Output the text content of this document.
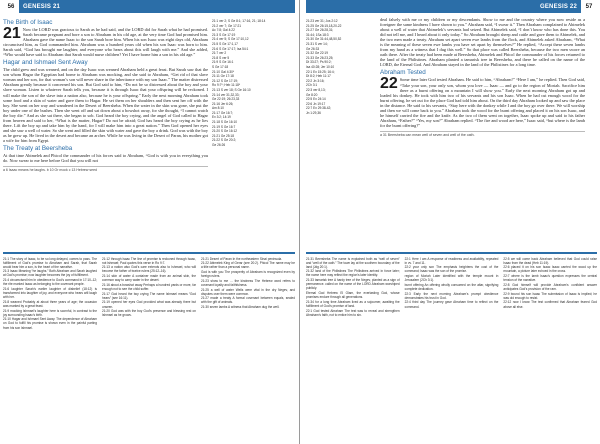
56	GENESIS 21
The Birth of Isaac

21 Now the LORD was gracious to Sarah as he had said, and the LORD did for Sarah what he had promised. Sarah became pregnant and bore a son to Abraham in his old age, at the very time God had promised him. Abraham gave the name Isaac to the son Sarah bore him. When his son Isaac was eight days old, Abraham circumcised him, as God commanded him. Abraham was a hundred years old when his son Isaac was born to him. Sarah said, “God has brought me laughter, and everyone who hears about this will laugh with me.” And she added, “Who would have said to Abraham that Sarah would nurse children? Yet I have borne him a son in his old age.”

Hagar and Ishmael Sent Away

The child grew and was weaned, and on the day Isaac was weaned Abraham held a great feast. But Sarah saw that the son whom Hagar the Egyptian had borne to Abraham was mocking, and she said to Abraham, “Get rid of that slave woman and her son, for that woman’s son will never share in the inheritance with my son Isaac.” The matter distressed Abraham greatly because it concerned his son. But God said to him, “Do not be so distressed about the boy and your slave woman. Listen to whatever Sarah tells you, because it is through Isaac that your offspring will be reckoned. I will make the son of the slave into a nation also, because he is your offspring.” Early the next morning Abraham took some food and a skin of water and gave them to Hagar. He set them on her shoulders and then sent her off with the boy. She went on her way and wandered in the Desert of Beersheba. When the water in the skin was gone, she put the boy under one of the bushes. Then she went off and sat down about a bowshot away, for she thought, “I cannot watch the boy die.” And as she sat there, she began to sob. God heard the boy crying, and the angel of God called to Hagar from heaven and said to her, “What is the matter, Hagar? Do not be afraid; God has heard the boy crying as he lies there. Lift the boy up and take him by the hand, for I will make him into a great nation.” Then God opened her eyes and she saw a well of water. So she went and filled the skin with water and gave the boy a drink. God was with the boy as he grew up. He lived in the desert and became an archer. While he was living in the Desert of Paran, his mother got a wife for him from Egypt.

The Treaty at Beersheba

At that time Abimelek and Phicol the commander of his forces said to Abraham, “God is with you in everything you do. Now swear to me here before God that you will not

a 6 Isaac means he laughs. b 10 Or mock c 13 Hebrew seed
21:1 ver 2; S Ge 8:1; 17:16, 21; 18:14
21:2 ver 7; Ge 17:21
Ac 7:8; Gal 4:22
21:3 S Ge 17:19
21:4 ver 5; S Ge 17:10,12
21:5 S Ge 17:1,17
21:6 S Ge 17:17; Isa 54:1
21:7 ver 2
21:8 S ver 5
21:9 S Ge 16:1
S Ge 17:18
21:10 Gal 4:30*
21:11 Ge 17:18
21:12 S Ge 17:19;
Ro 9:7*; Heb 11:18*
21:13 S ver 18; S Ge 16:10
21:14 ver 31,32,33;
Ge 22:19; 26:23,33
21:16 Jer 6:26;
Am 8:10
21:17 Ge 16:7;
Ex 3:2; 14:19
21:18 S Ge 16:10
21:19 S Ge 16:7
21:20 S Ge 16:12
21:21 Ge 25:18
21:22 S Ge 20:2;
Ge 26:26

21:1 The story of Isaac, to be so long delayed, comes to pass. The fulfillment of God’s promise to Abraham and Sarah, that Sarah would bear him a son, is the heart of the narrative.

21:3 Isaac Meaning “he laughs.” Both Abraham and Sarah laughed at God’s promise; now laughter becomes the joy of fulfillment.

21:4 circumcised him In obedience to God’s command in 17:10–12; the rite marked Isaac as belonging to the covenant people.

21:6 laughter Sarah’s earlier laughter of disbelief (18:12) is transformed into laughter of joy, and everyone who hears will laugh with her.

21:8 weaned Probably at about three years of age; the occasion was marked by a great feast.

21:9 mocking Ishmael’s laughter here is scornful, in contrast to the joy surrounding Isaac’s birth.

21:10 Hagar and Ishmael Sent Away. The dependence of Abraham on God to fulfill his promise is shown even in the painful parting from his son Ishmael.

21:12 through Isaac The line of promise is reckoned through Isaac, not Ishmael; Paul quotes this verse in Ro 9:7.

21:13 a nation also God’s care extends also to Ishmael, who will become the father of twelve rulers (25:12–16).

21:14 skin of water A container made from an animal skin, the common way to carry water in the desert.

21:16 about a bowshot away Perhaps a hundred yards or more, far enough not to see the child suffer.

21:17 God heard the boy crying The name Ishmael means “God hears” (see 16:11).

21:19 opened her eyes God provided what was already there but unseen.

21:20 God was with the boy God’s presence and blessing rest on Ishmael as he grows.

21:21 Desert of Paran In the northeastern Sinai peninsula.

21:22 Abimelek King of Gerar (see 20:2). Phicol The name may be a title rather than a personal name.

God is with you The prosperity of Abraham is recognized even by foreign rulers.

21:23 show to me … the kindness The Hebrew word refers to covenant loyalty and faithfulness.

21:25 a well of water Wells were vital in the dry Negev, and disputes over them were common.

21:27 made a treaty A formal covenant between equals, sealed with the gift of animals.

21:30 seven lambs A witness that Abraham dug the well.

GENESIS 22	57
21:23 ver 31; Jos 2:12
21:25 Ge 26:15,18,20-22
21:27 Ge 26:28,31;
31:44; 1Sa 18:3
21:30 Ge 31:44,48,50,52
21:31 S ver 14;
Ge 26:33
21:32 Ge 22:19
21:33 Ge 26:23,25;
Dt 33:27; Ps 90:2;
Isa 40:28; Jer 10:10
22:1 Ex 15:25; 16:4;
Dt 8:2; Heb 11:17
22:2 Jn 3:16;
2Ch 3:1
22:3 ver 8,13;
Ge 8:20
22:5 Ex 24:14
22:6 Jn 19:17
22:7 Ex 29:38-42;
Jn 1:29,36

deal falsely with me or my children or my descendants. Show to me and the country where you now reside as a foreigner the same kindness I have shown to you.” Abraham said, “I swear it.” Then Abraham complained to Abimelek about a well of water that Abimelek’s servants had seized. But Abimelek said, “I don’t know who has done this. You did not tell me, and I heard about it only today.” So Abraham brought sheep and cattle and gave them to Abimelek, and the two men made a treaty. Abraham set apart seven ewe lambs from the flock, and Abimelek asked Abraham, “What is the meaning of these seven ewe lambs you have set apart by themselves?” He replied, “Accept these seven lambs from my hand as a witness that I dug this well.” So that place was called Beersheba, because the two men swore an oath there. After the treaty had been made at Beersheba, Abimelek and Phicol the commander of his forces returned to the land of the Philistines. Abraham planted a tamarisk tree in Beersheba, and there he called on the name of the LORD, the Eternal God. And Abraham stayed in the land of the Philistines for a long time.

Abraham Tested

22 Some time later God tested Abraham. He said to him, “Abraham!” “Here I am,” he replied. Then God said, “Take your son, your only son, whom you love — Isaac — and go to the region of Moriah. Sacrifice him there as a burnt offering on a mountain I will show you.” Early the next morning Abraham got up and loaded his donkey. He took with him two of his servants and his son Isaac. When he had cut enough wood for the burnt offering, he set out for the place God had told him about. On the third day Abraham looked up and saw the place in the distance. He said to his servants, “Stay here with the donkey while I and the boy go over there. We will worship and then we will come back to you.” Abraham took the wood for the burnt offering and placed it on his son Isaac, and he himself carried the fire and the knife. As the two of them went on together, Isaac spoke up and said to his father Abraham, “Father?” “Yes, my son?” Abraham replied. “The fire and wood are here,” Isaac said, “but where is the lamb for the burnt offering?”

a 31 Beersheba can mean well of seven and well of the oath.

21:31 Beersheba The name is explained both as “well of seven” and “well of the oath.” The town lay at the southern boundary of the land (Jdg 20:1).

21:32 land of the Philistines The Philistines arrived in force later; the name here may reflect the region’s later identity.

21:33 tamarisk tree A hardy tree of the Negev, planted as a sign of permanence. called on the name of the LORD Abraham worshiped publicly.

Eternal God Hebrew El Olam, the everlasting God, whose promises endure through all generations.

21:34 for a long time Abraham lived as a sojourner, awaiting the fulfillment of God’s promise of land.

22:1 God tested Abraham The test was to reveal and strengthen Abraham’s faith, not to entice him to sin.

22:1 Here I am A response of readiness and availability, repeated in vv. 7 and 11.

22:2 your only son The emphasis heightens the cost of the command; Isaac was the son of the promise.

region of Moriah Later identified with the temple mount in Jerusalem (2Ch 3:1).

burnt offering An offering wholly consumed on the altar, signifying complete dedication.

22:3 Early the next morning Abraham’s prompt obedience demonstrates his trust in God.

22:4 third day The journey gave Abraham time to reflect on the command.

22:5 we will come back Abraham believed that God could raise Isaac from the dead (Heb 11:19).

22:6 placed it on his son Isaac Isaac carried the wood up the mountain, a picture later echoed in the cross.

22:7 where is the lamb Isaac’s question expresses the central tension of the narrative.

22:8 God himself will provide Abraham’s confident answer anticipates God’s provision of the ram.

22:9 bound his son Isaac The submission of Isaac is implied; he was old enough to resist.

22:12 now I know The test confirmed that Abraham feared God above all else.
